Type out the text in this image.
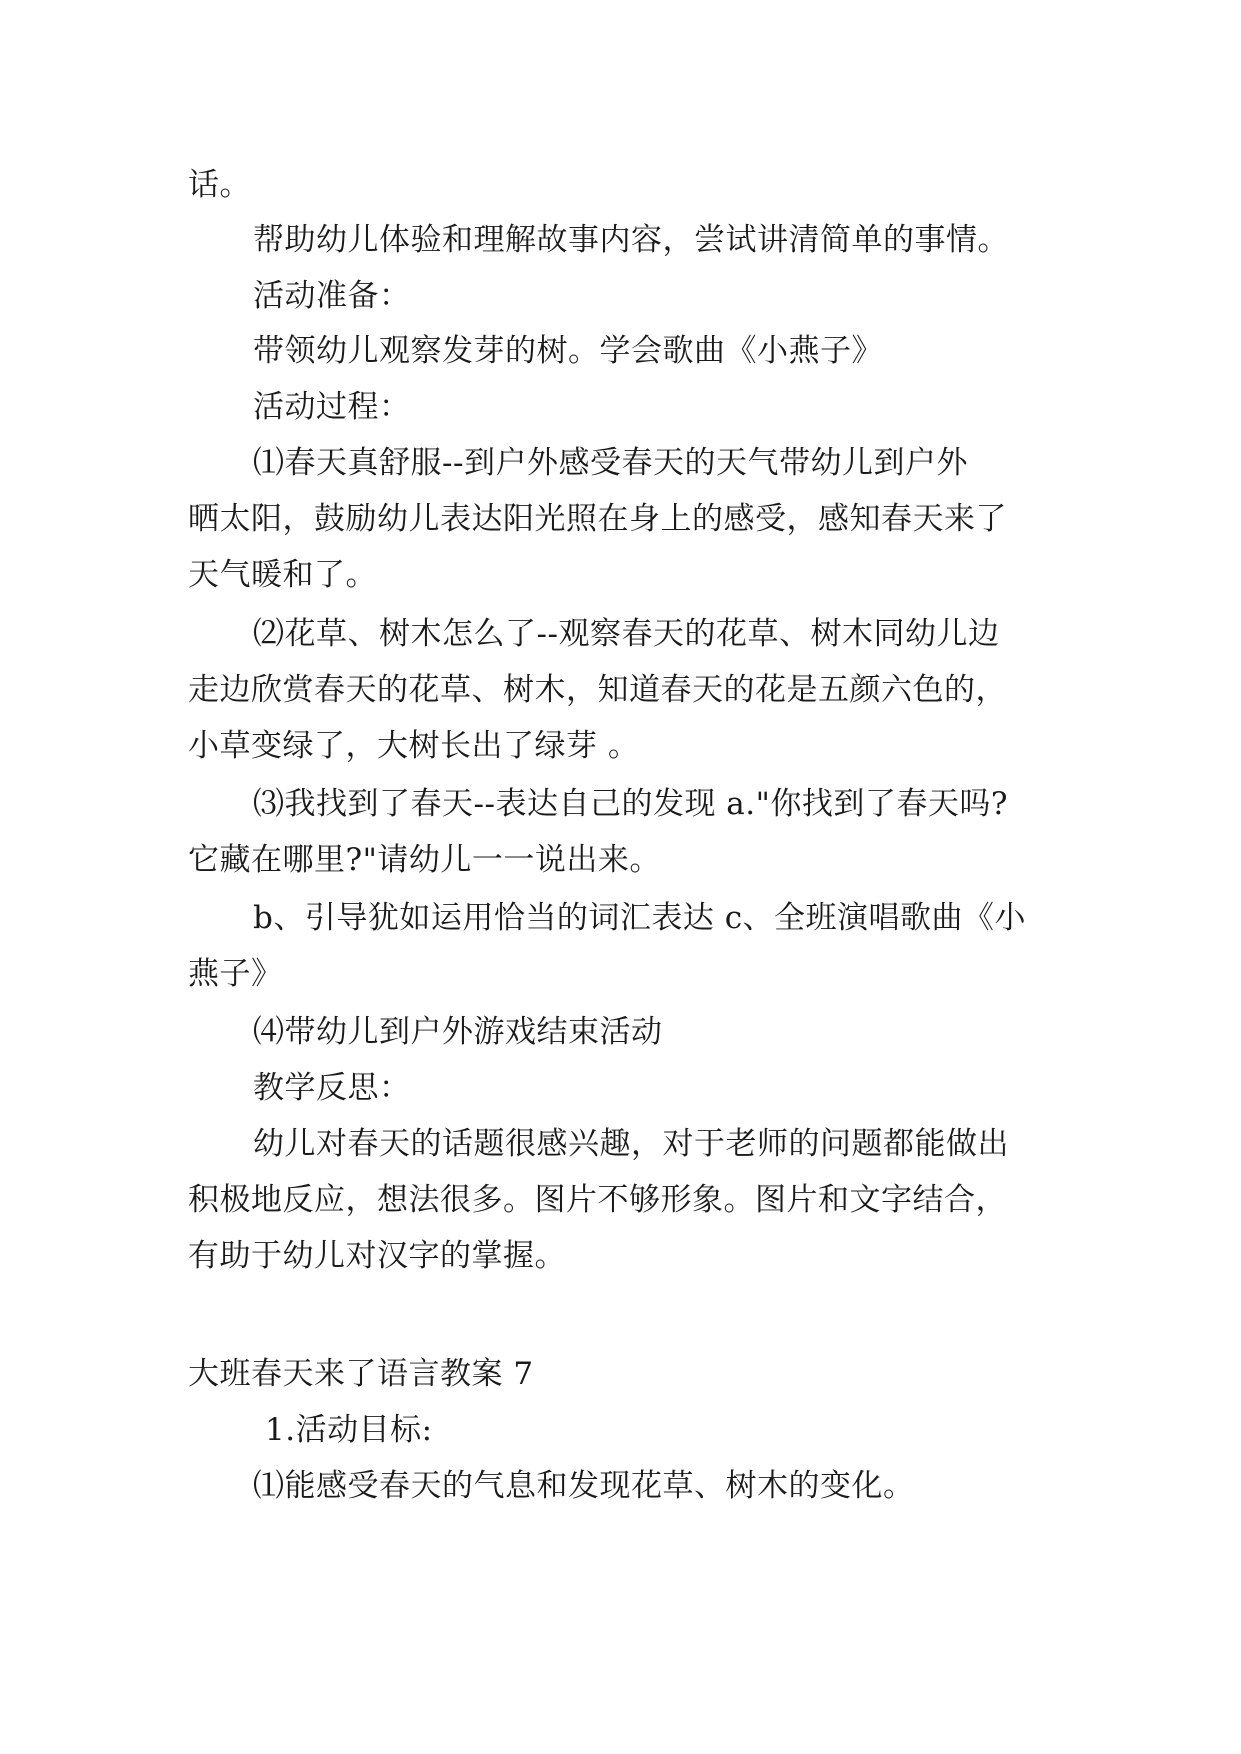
话。
帮助幼儿体验和理解故事内容，尝试讲清简单的事情。
活动准备：
带领幼儿观察发芽的树。学会歌曲《小燕子》
活动过程：
⑴春天真舒服--到户外感受春天的天气带幼儿到户外
晒太阳，鼓励幼儿表达阳光照在身上的感受，感知春天来了
天气暖和了。
⑵花草、树木怎么了--观察春天的花草、树木同幼儿边
走边欣赏春天的花草、树木，知道春天的花是五颜六色的，
小草变绿了，大树长出了绿芽 。
⑶我找到了春天--表达自己的发现 a."你找到了春天吗?
它藏在哪里?"请幼儿一一说出来。
b、引导犹如运用恰当的词汇表达 c、全班演唱歌曲《小
燕子》
⑷带幼儿到户外游戏结束活动
教学反思：
幼儿对春天的话题很感兴趣，对于老师的问题都能做出
积极地反应，想法很多。图片不够形象。图片和文字结合，
有助于幼儿对汉字的掌握。
大班春天来了语言教案 7
1.活动目标:
⑴能感受春天的气息和发现花草、树木的变化。
